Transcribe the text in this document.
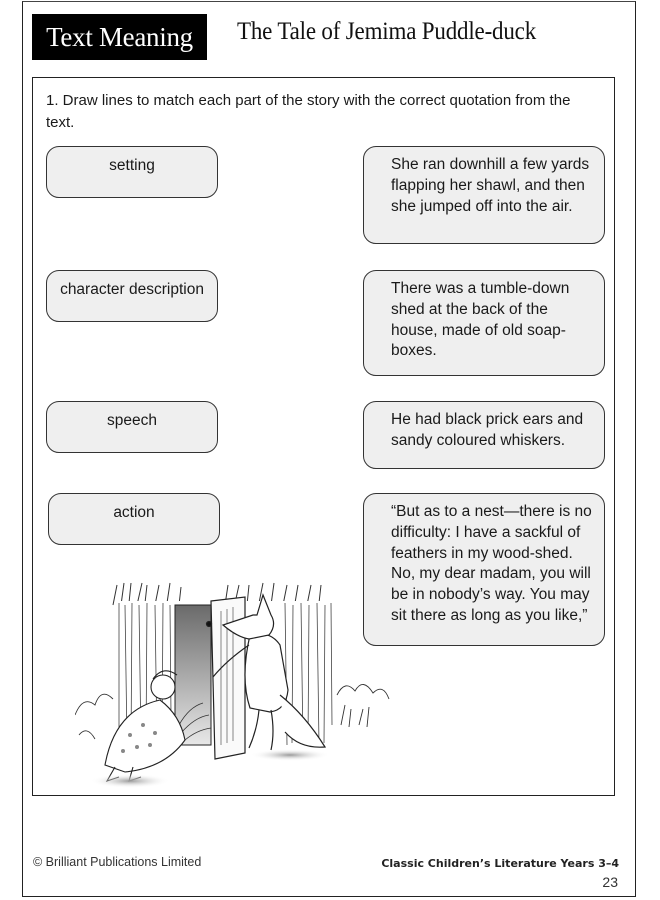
Text Meaning The Tale of Jemima Puddle-duck
1. Draw lines to match each part of the story with the correct quotation from the text.
setting
character description
speech
action
She ran downhill a few yards flapping her shawl, and then she jumped off into the air.
There was a tumble-down shed at the back of the house, made of old soap-boxes.
He had black prick ears and sandy coloured whiskers.
“But as to a nest—there is no difficulty: I have a sackful of feathers in my wood-shed. No, my dear madam, you will be in nobody’s way. You may sit there as long as you like,”
© Brilliant Publications Limited	Classic Children’s Literature Years 3–4
23
